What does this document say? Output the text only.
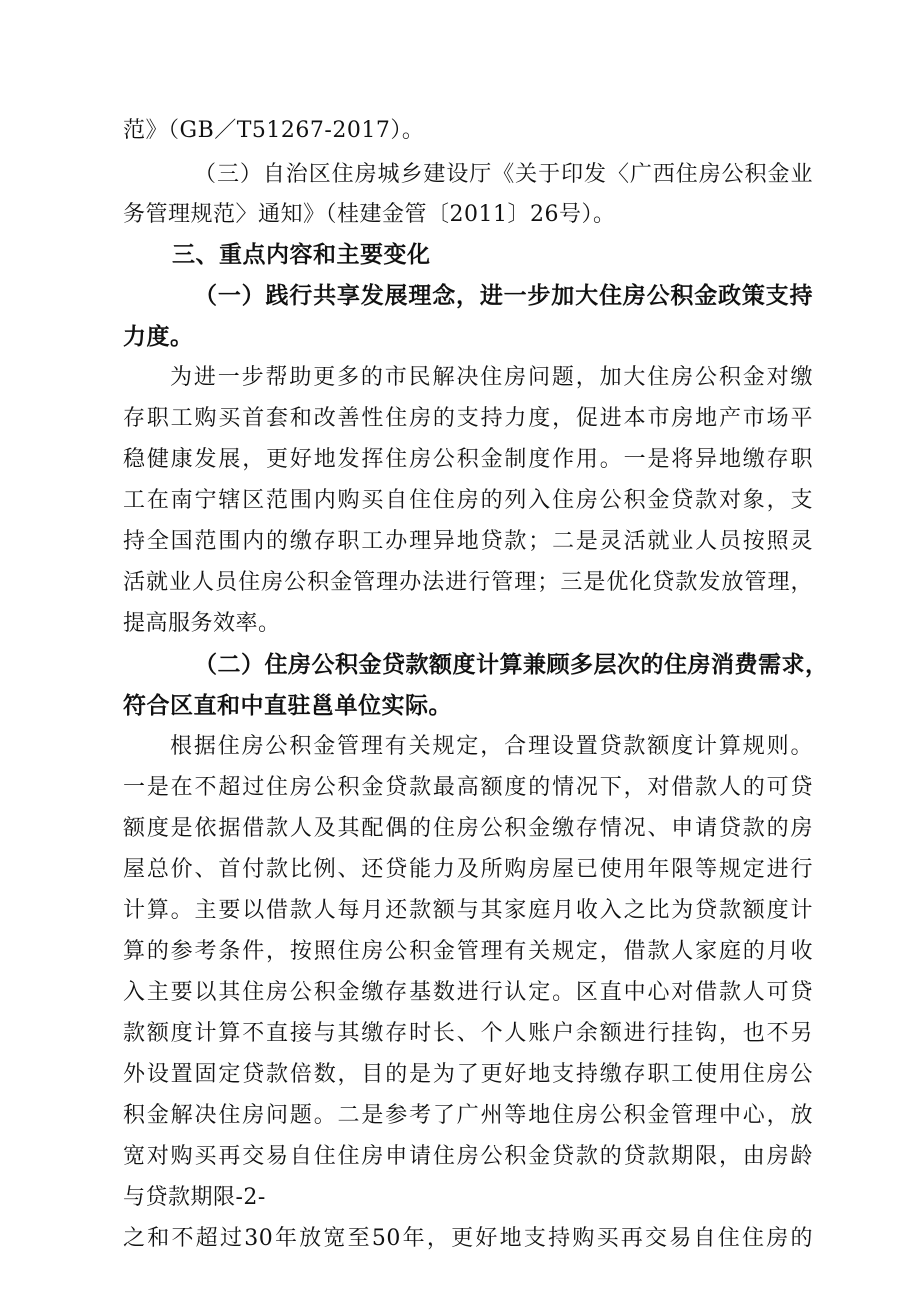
范》（GB／T51267-2017）。
（三）自治区住房城乡建设厅《关于印发〈广西住房公积金业
务管理规范〉通知》（桂建金管〔2011〕26号）。
三、重点内容和主要变化
（一）践行共享发展理念，进一步加大住房公积金政策支持
力度。
为进一步帮助更多的市民解决住房问题，加大住房公积金对缴
存职工购买首套和改善性住房的支持力度，促进本市房地产市场平
稳健康发展，更好地发挥住房公积金制度作用。一是将异地缴存职
工在南宁辖区范围内购买自住住房的列入住房公积金贷款对象，支
持全国范围内的缴存职工办理异地贷款；二是灵活就业人员按照灵
活就业人员住房公积金管理办法进行管理；三是优化贷款发放管理，
提高服务效率。
（二）住房公积金贷款额度计算兼顾多层次的住房消费需求，
符合区直和中直驻邕单位实际。
根据住房公积金管理有关规定，合理设置贷款额度计算规则。
一是在不超过住房公积金贷款最高额度的情况下，对借款人的可贷
额度是依据借款人及其配偶的住房公积金缴存情况、申请贷款的房
屋总价、首付款比例、还贷能力及所购房屋已使用年限等规定进行
计算。主要以借款人每月还款额与其家庭月收入之比为贷款额度计
算的参考条件，按照住房公积金管理有关规定，借款人家庭的月收
入主要以其住房公积金缴存基数进行认定。区直中心对借款人可贷
款额度计算不直接与其缴存时长、个人账户余额进行挂钩，也不另
外设置固定贷款倍数，目的是为了更好地支持缴存职工使用住房公
积金解决住房问题。二是参考了广州等地住房公积金管理中心，放
宽对购买再交易自住住房申请住房公积金贷款的贷款期限，由房龄
与贷款期限-2-
之和不超过30年放宽至50年，更好地支持购买再交易自住住房的
